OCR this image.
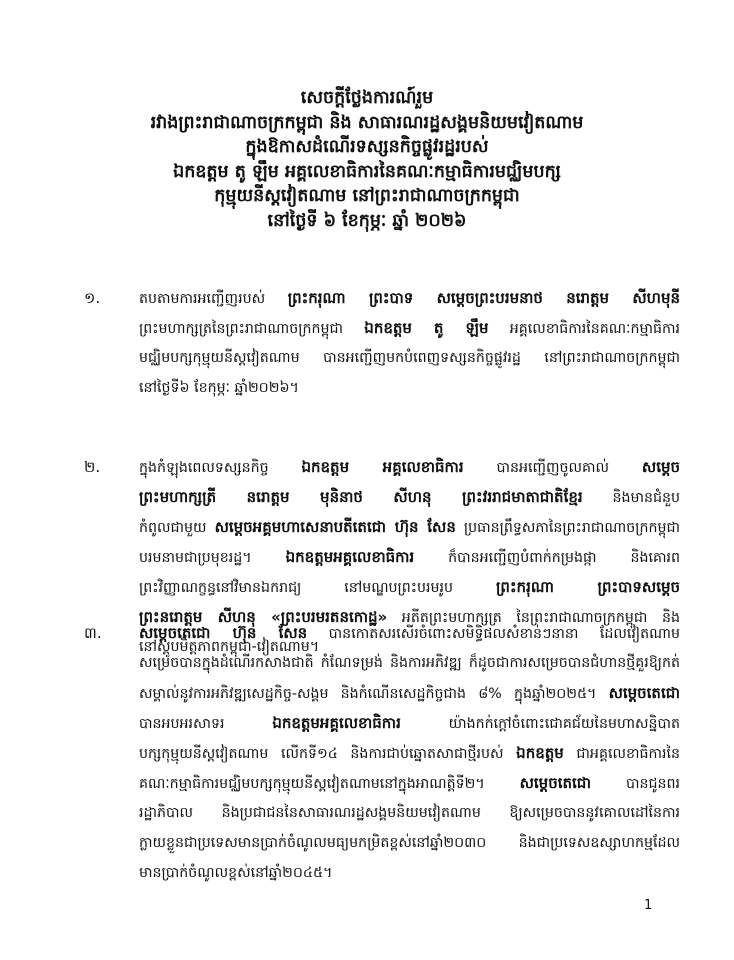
សេចក្តីថ្លែងការណ៍រួម
រវាងព្រះរាជាណាចក្រកម្ពុជា និង សាធារណរដ្ឋសង្គមនិយមវៀតណាម
ក្នុងឱកាសដំណើរទស្សនកិច្ចផ្លូវរដ្ឋរបស់
ឯកឧត្តម តូ ឡឹម អគ្គលេខាធិការនៃគណៈកម្មាធិការមជ្ឈិមបក្ស
កុម្មុយនីស្តវៀតណាម នៅព្រះរាជាណាចក្រកម្ពុជា
នៅថ្ងៃទី ៦ ខែកុម្ភៈ ឆ្នាំ ២០២៦
១.	តបតាមការអញ្ជើញរបស់ ព្រះករុណា ព្រះបាទ សម្តេចព្រះបរមនាថ នរោត្តម សីហមុនី
ព្រះមហាក្សត្រនៃព្រះរាជាណាចក្រកម្ពុជា ឯកឧត្តម តូ ឡឹម អគ្គលេខាធិការនៃគណៈកម្មាធិការ
មជ្ឈិមបក្សកុម្មុយនីស្តវៀតណាម បានអញ្ជើញមកបំពេញទស្សនកិច្ចផ្លូវរដ្ឋ នៅព្រះរាជាណាចក្រកម្ពុជា
នៅថ្ងៃទី៦ ខែកុម្ភៈ ឆ្នាំ២០២៦។
២.	ក្នុងកំឡុងពេលទស្សនកិច្ច ឯកឧត្តម អគ្គលេខាធិការ បានអញ្ជើញចូលគាល់ សម្តេច
ព្រះមហាក្សត្រី នរោត្តម មុនិនាថ សីហនុ ព្រះវររាជមាតាជាតិខ្មែរ និងមានជំនួប
កំពូលជាមួយ សម្តេចអគ្គមហាសេនាបតីតេជោ ហ៊ុន សែន ប្រធានព្រឹទ្ធសភានៃព្រះរាជាណាចក្រកម្ពុជា
បរមនាមជាប្រមុខរដ្ឋ។ ឯកឧត្តមអគ្គលេខាធិការ ក៏បានអញ្ជើញបំពាក់កម្រងផ្កា និងគោរព
ព្រះវិញ្ញាណក្ខន្ធនៅវិមានឯករាជ្យ នៅមណ្ឌបព្រះបរមរូប ព្រះករុណា ព្រះបាទសម្តេច
ព្រះនរោត្តម សីហនុ «ព្រះបរមរតនកោដ្ឋ» អតីតព្រះមហាក្សត្រ នៃព្រះរាជាណាចក្រកម្ពុជា និង
នៅស្តូបមិត្តភាពកម្ពុជា-វៀតណាម។
៣. សម្តេចតេជោ ហ៊ុន សែន បានកោតសរសើរចំពោះសមិទ្ធិផលសំខាន់ៗនានា ដែលវៀតណាម
សម្រេចបានក្នុងដំណើរកសាងជាតិ កំណែទម្រង់ និងការអភិវឌ្ឍ ក៏ដូចជាការសម្រេចបានជំហានថ្មីគួរឱ្យកត់
សម្គាល់នូវការអភិវឌ្ឍសេដ្ឋកិច្ច-សង្គម និងកំណើនសេដ្ឋកិច្ចជាង ៨% ក្នុងឆ្នាំ២០២៥។ សម្តេចតេជោ
បានអបអរសាទរ ឯកឧត្តមអគ្គលេខាធិការ យ៉ាងកក់ក្តៅចំពោះជោគជ័យនៃមហាសន្និបាត
បក្សកុម្មុយនីស្តវៀតណាម លើកទី១៤ និងការជាប់ឆ្នោតសាជាថ្មីរបស់ ឯកឧត្តម ជាអគ្គលេខាធិការនៃ
គណៈកម្មាធិការមជ្ឈិមបក្សកុម្មុយនីស្តវៀតណាមនៅក្នុងអាណត្តិទី២។ សម្តេចតេជោ បានជូនពរ
រដ្ឋាភិបាល និងប្រជាជននៃសាធារណរដ្ឋសង្គមនិយមវៀតណាម ឱ្យសម្រេចបាននូវគោលដៅនៃការ
ក្លាយខ្លួនជាប្រទេសមានប្រាក់ចំណូលមធ្យមកម្រិតខ្ពស់នៅឆ្នាំ២០៣០ និងជាប្រទេសឧស្សាហកម្មដែល
មានប្រាក់ចំណូលខ្ពស់នៅឆ្នាំ២០៤៥។
1
